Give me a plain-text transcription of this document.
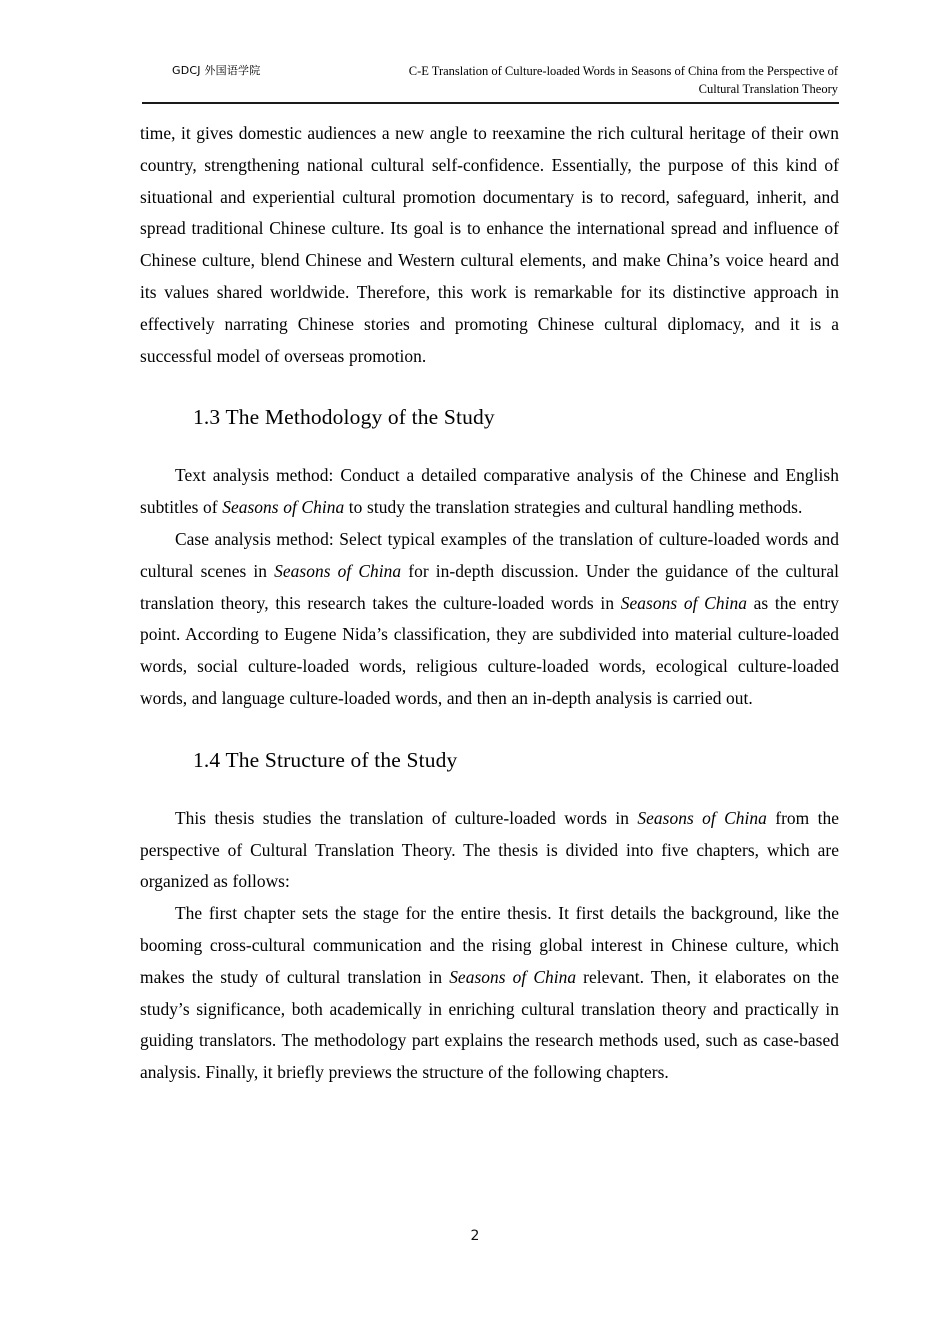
GDCJ 外国语学院	C-E Translation of Culture-loaded Words in Seasons of China from the Perspective of
Cultural Translation Theory

time, it gives domestic audiences a new angle to reexamine the rich cultural heritage of their own country, strengthening national cultural self-confidence. Essentially, the purpose of this kind of situational and experiential cultural promotion documentary is to record, safeguard, inherit, and spread traditional Chinese culture. Its goal is to enhance the international spread and influence of Chinese culture, blend Chinese and Western cultural elements, and make China’s voice heard and its values shared worldwide. Therefore, this work is remarkable for its distinctive approach in effectively narrating Chinese stories and promoting Chinese cultural diplomacy, and it is a successful model of overseas promotion.

1.3 The Methodology of the Study

Text analysis method: Conduct a detailed comparative analysis of the Chinese and English subtitles of Seasons of China to study the translation strategies and cultural handling methods.

Case analysis method: Select typical examples of the translation of culture-loaded words and cultural scenes in Seasons of China for in-depth discussion. Under the guidance of the cultural translation theory, this research takes the culture-loaded words in Seasons of China as the entry point. According to Eugene Nida’s classification, they are subdivided into material culture-loaded words, social culture-loaded words, religious culture-loaded words, ecological culture-loaded words, and language culture-loaded words, and then an in-depth analysis is carried out.

1.4 The Structure of the Study

This thesis studies the translation of culture-loaded words in Seasons of China from the perspective of Cultural Translation Theory. The thesis is divided into five chapters, which are organized as follows:

The first chapter sets the stage for the entire thesis. It first details the background, like the booming cross-cultural communication and the rising global interest in Chinese culture, which makes the study of cultural translation in Seasons of China relevant. Then, it elaborates on the study’s significance, both academically in enriching cultural translation theory and practically in guiding translators. The methodology part explains the research methods used, such as case-based analysis. Finally, it briefly previews the structure of the following chapters.

2
